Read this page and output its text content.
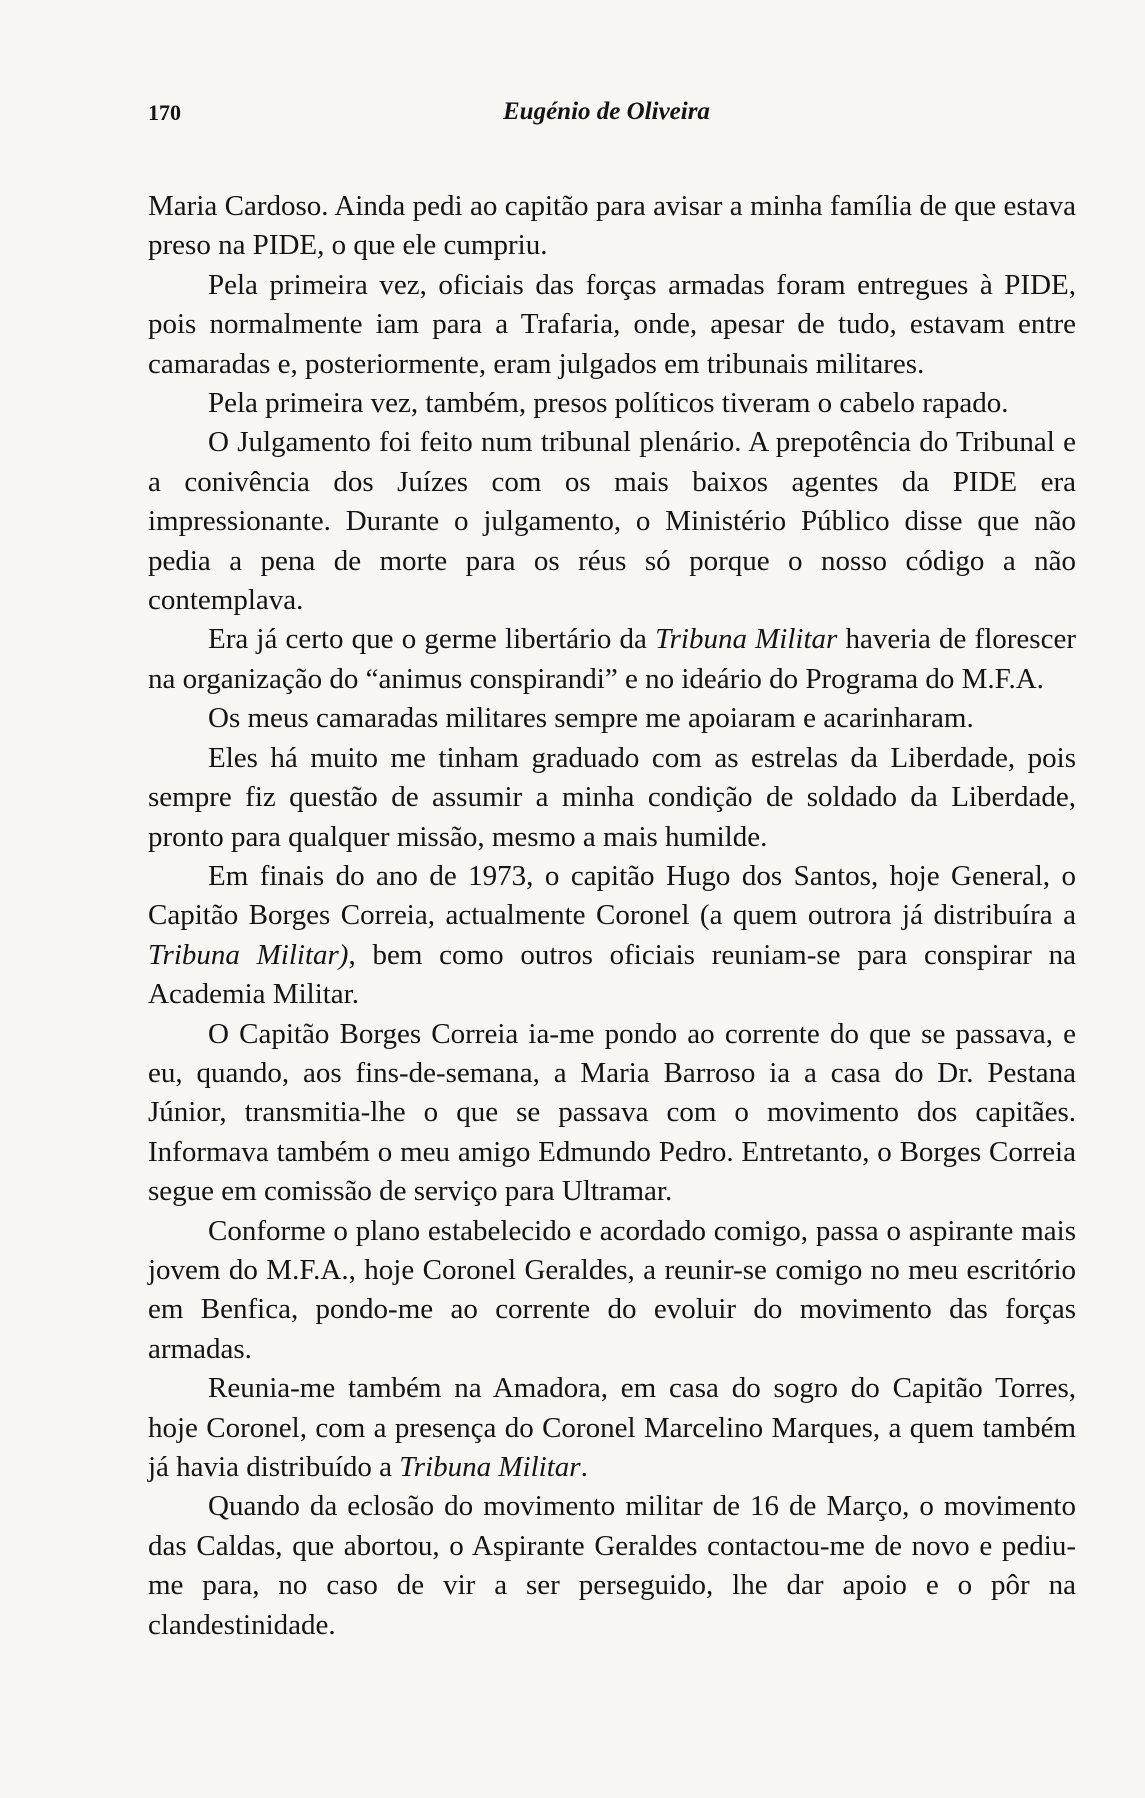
170	Eugénio de Oliveira

Maria Cardoso. Ainda pedi ao capitão para avisar a minha família de que estava preso na PIDE, o que ele cumpriu.

Pela primeira vez, oficiais das forças armadas foram entregues à PIDE, pois normalmente iam para a Trafaria, onde, apesar de tudo, estavam entre camaradas e, posteriormente, eram julgados em tribunais militares.

Pela primeira vez, também, presos políticos tiveram o cabelo rapado.

O Julgamento foi feito num tribunal plenário. A prepotência do Tribunal e a conivência dos Juízes com os mais baixos agentes da PIDE era impressionante. Durante o julgamento, o Ministério Público disse que não pedia a pena de morte para os réus só porque o nosso código a não contemplava.

Era já certo que o germe libertário da Tribuna Militar haveria de florescer na organização do “animus conspirandi” e no ideário do Programa do M.F.A.

Os meus camaradas militares sempre me apoiaram e acarinharam.

Eles há muito me tinham graduado com as estrelas da Liberdade, pois sempre fiz questão de assumir a minha condição de soldado da Liberdade, pronto para qualquer missão, mesmo a mais humilde.

Em finais do ano de 1973, o capitão Hugo dos Santos, hoje General, o Capitão Borges Correia, actualmente Coronel (a quem outrora já distribuíra a Tribuna Militar), bem como outros oficiais reuniam-se para conspirar na Academia Militar.

O Capitão Borges Correia ia-me pondo ao corrente do que se passava, e eu, quando, aos fins-de-semana, a Maria Barroso ia a casa do Dr. Pestana Júnior, transmitia-lhe o que se passava com o movimento dos capitães. Informava também o meu amigo Edmundo Pedro. Entretanto, o Borges Correia segue em comissão de serviço para Ultramar.

Conforme o plano estabelecido e acordado comigo, passa o aspirante mais jovem do M.F.A., hoje Coronel Geraldes, a reunir-se comigo no meu escritório em Benfica, pondo-me ao corrente do evoluir do movimento das forças armadas.

Reunia-me também na Amadora, em casa do sogro do Capitão Torres, hoje Coronel, com a presença do Coronel Marcelino Marques, a quem também já havia distribuído a Tribuna Militar.

Quando da eclosão do movimento militar de 16 de Março, o movimento das Caldas, que abortou, o Aspirante Geraldes contactou-me de novo e pediu-me para, no caso de vir a ser perseguido, lhe dar apoio e o pôr na clandestinidade.
